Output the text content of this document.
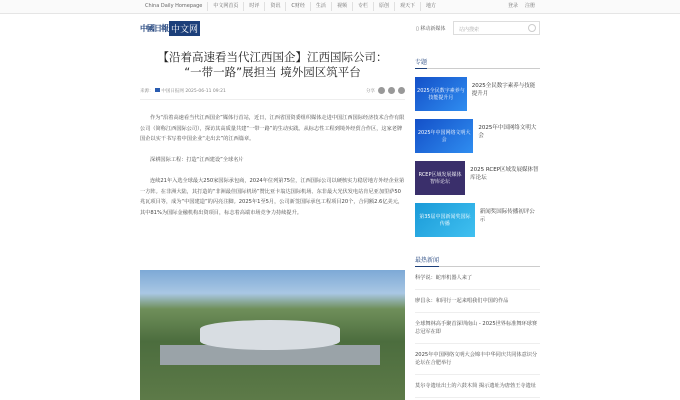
China Daily Homepage	中文网首页	时评	资讯	C财经	生活	视频	专栏	原创	观天下	地方	登录 注册
中國日報 中文网	▯ 移动新媒体	站内搜索
【沿着高速看当代江西国企】江西国际公司：
“一带一路”展担当 境外园区筑平台
来源： 中国日报网 2025-06-11 09:21	分享

作为“沿着高速看当代江西国企”媒体行首站，近日，江西省国资委组织媒体走进中国江西国际经济技术合作有限公司（简称江西国际公司），探访其高质量共建“一带一路”的生动实践。从标志性工程到境外经贸合作区，这家老牌国企以实干书写着中国企业“走出去”的江西篇章。

深耕国际工程：打造“江西建设”全球名片

连续21年入选全球最大250家国际承包商，2024年位列第75位，江西国际公司以硬核实力稳居地方外经企业第一方阵。在非洲大陆，其打造的“非洲最佳国际机场”赞比亚卡翁达国际机场、东非最大光伏发电站肯尼亚加里萨50兆瓦项目等，成为“中国建造”的闪亮注脚。2025年1至5月，公司新签国际承包工程项目20个，合同额2.6亿美元，其中81%为国际金融机构出资项目，标志着高端市场竞争力持续提升。

专题
2025全民数字素养与技能提升月
2025全民数字素养与技能提升月
2025年中国网络文明大会
2025年中国网络文明大会
RCEP区域发展媒体智库论坛
2025 RCEP区域发展媒体智库论坛
第35届中国新闻奖国际传播
新闻奖国际传播初评公示
最热新闻
科学说：蛇形机器人来了
廖昌永：和同行一起来唱我们中国的作品
全球舞林高手聚首深圳南山 - 2025世界标准舞环球赛总冠军在即
2025年中国网络文明大会锦丰中华同庆共同体意识分论坛在合肥举行
莫尔寺遗址出土的六鼓木简 揭示遗址为唐勃王寺遗址
